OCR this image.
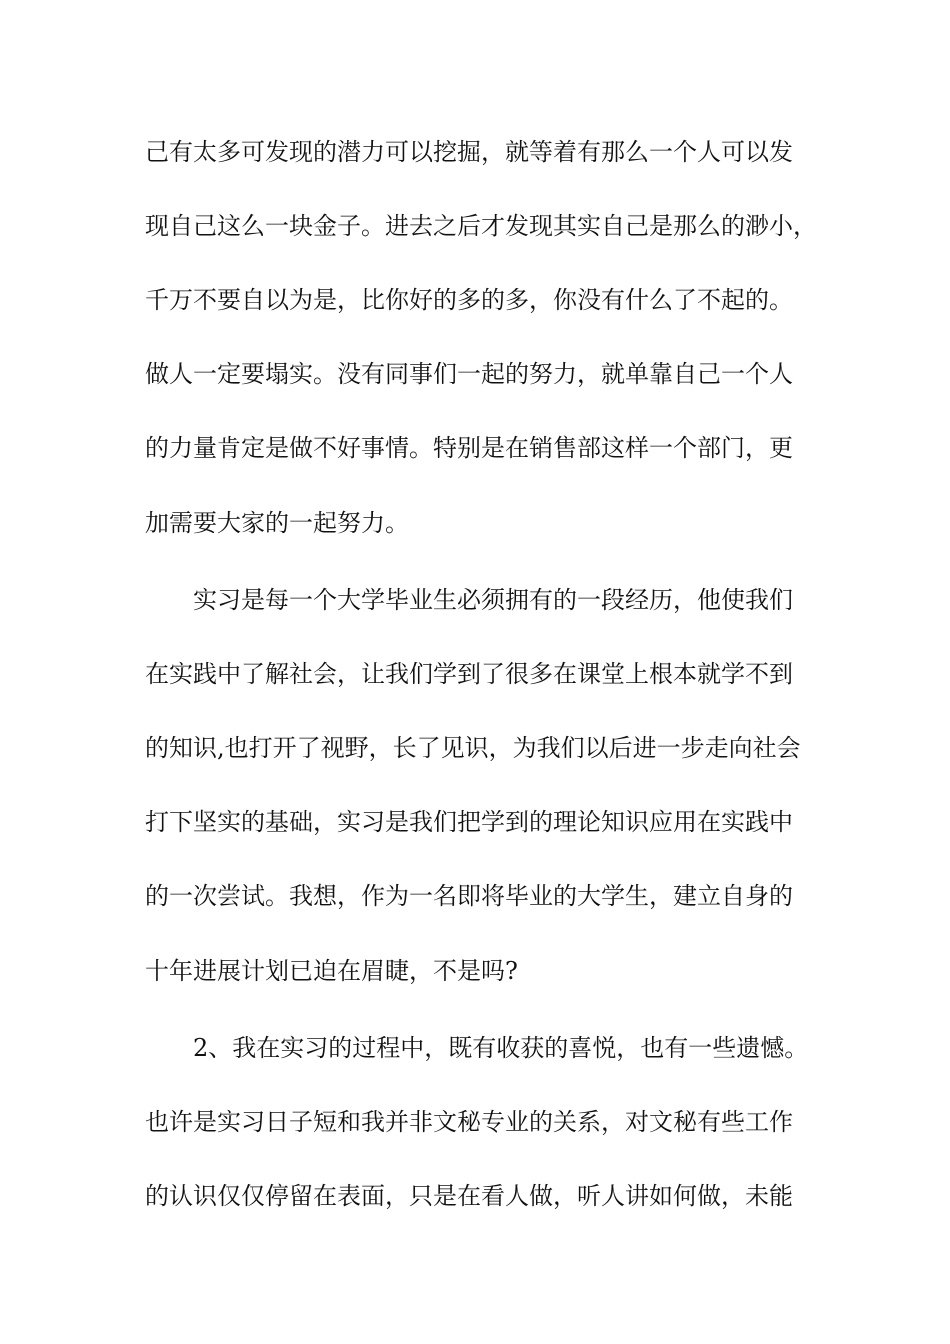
己有太多可发现的潜力可以挖掘，就等着有那么一个人可以发
现自己这么一块金子。进去之后才发现其实自己是那么的渺小，
千万不要自以为是，比你好的多的多，你没有什么了不起的。
做人一定要塌实。没有同事们一起的努力，就单靠自己一个人
的力量肯定是做不好事情。特别是在销售部这样一个部门，更
加需要大家的一起努力。
实习是每一个大学毕业生必须拥有的一段经历，他使我们
在实践中了解社会，让我们学到了很多在课堂上根本就学不到
的知识,也打开了视野，长了见识，为我们以后进一步走向社会
打下坚实的基础，实习是我们把学到的理论知识应用在实践中
的一次尝试。我想，作为一名即将毕业的大学生，建立自身的
十年进展计划已迫在眉睫，不是吗?
2、我在实习的过程中，既有收获的喜悦，也有一些遗憾。
也许是实习日子短和我并非文秘专业的关系，对文秘有些工作
的认识仅仅停留在表面，只是在看人做，听人讲如何做，未能
